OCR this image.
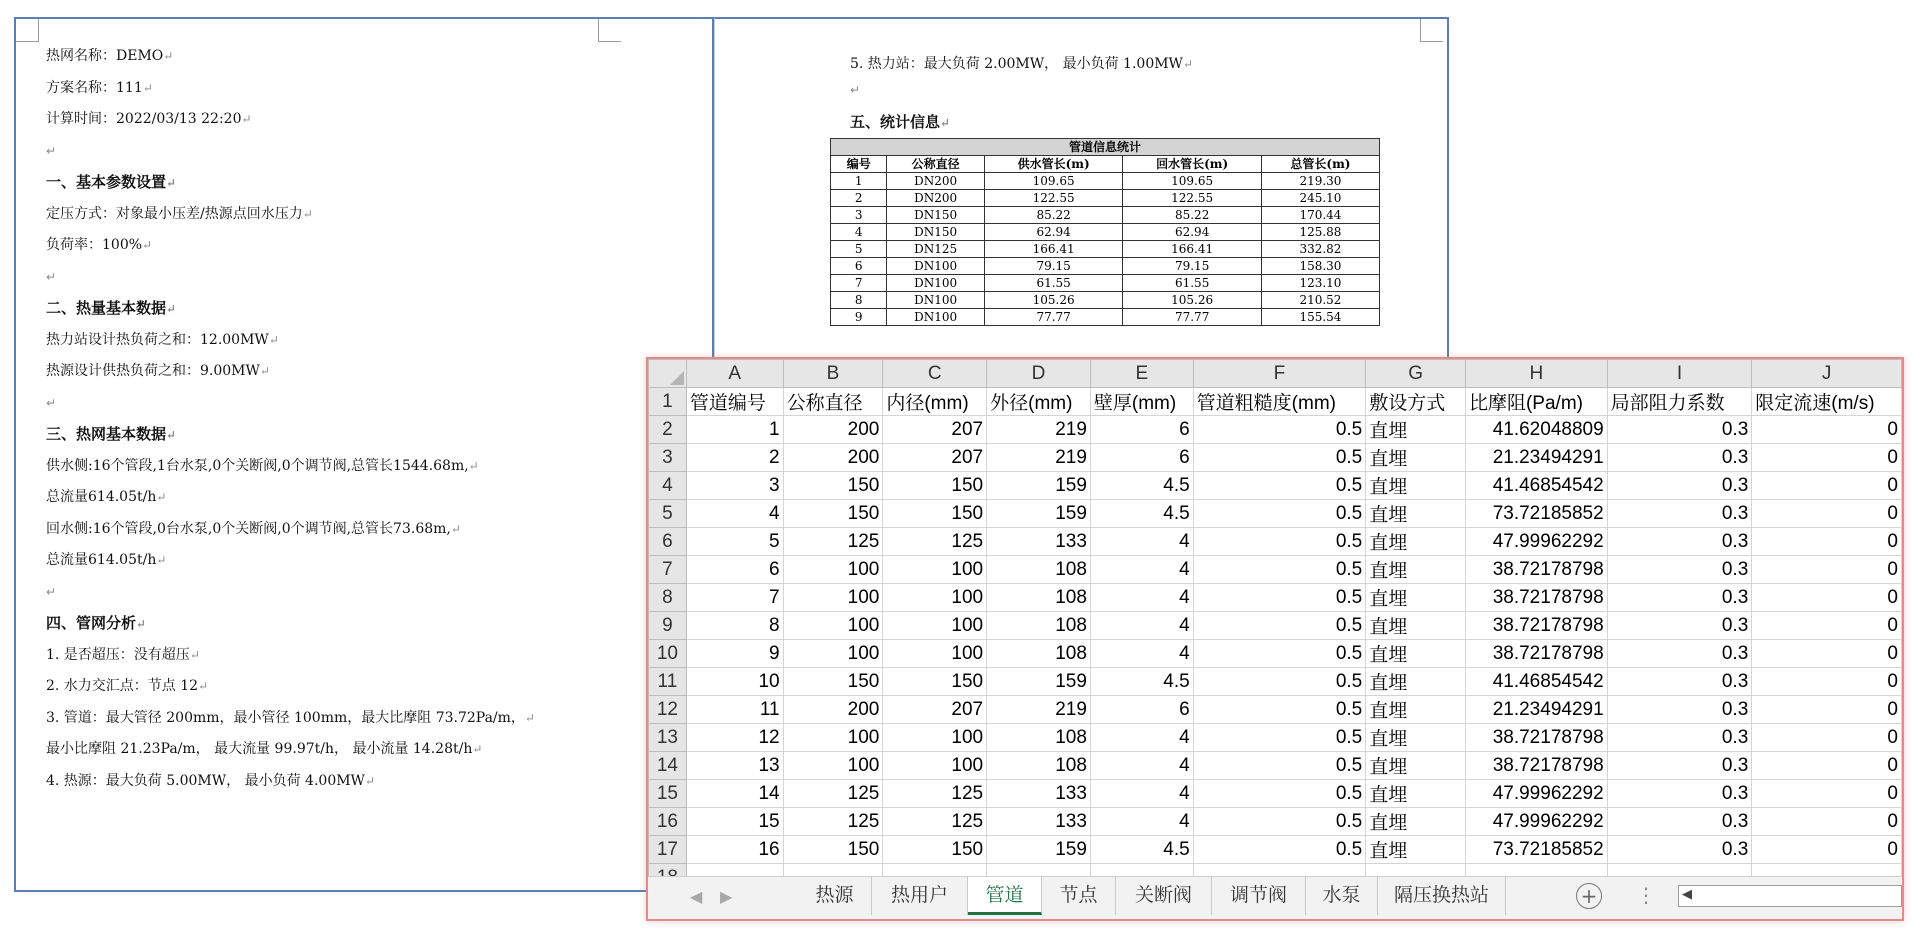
热网名称：DEMO↵
方案名称：111↵
计算时间：2022/03/13 22:20↵
↵
一、基本参数设置↵
定压方式：对象最小压差/热源点回水压力↵
负荷率：100%↵
↵
二、热量基本数据↵
热力站设计热负荷之和：12.00MW↵
热源设计供热负荷之和：9.00MW↵
↵
三、热网基本数据↵
供水侧:16个管段,1台水泵,0个关断阀,0个调节阀,总管长1544.68m,↵
总流量614.05t/h↵
回水侧:16个管段,0台水泵,0个关断阀,0个调节阀,总管长73.68m,↵
总流量614.05t/h↵
↵
四、管网分析↵
1. 是否超压：没有超压↵
2. 水力交汇点：节点 12↵
3. 管道：最大管径 200mm，最小管径 100mm，最大比摩阻 73.72Pa/m，↵
最小比摩阻 21.23Pa/m， 最大流量 99.97t/h， 最小流量 14.28t/h↵
4. 热源：最大负荷 5.00MW， 最小负荷 4.00MW↵
5. 热力站：最大负荷 2.00MW， 最小负荷 1.00MW↵
↵
五、统计信息↵
管道信息统计				
编号	公称直径	供水管长(m)	回水管长(m)	总管长(m)
1	DN200	109.65	109.65	219.30
2	DN200	122.55	122.55	245.10
3	DN150	85.22	85.22	170.44
4	DN150	62.94	62.94	125.88
5	DN125	166.41	166.41	332.82
6	DN100	79.15	79.15	158.30
7	DN100	61.55	61.55	123.10
8	DN100	105.26	105.26	210.52
9	DN100	77.77	77.77	155.54
	A	B	C	D	E	F	G	H	I	J
1	管道编号	公称直径	内径(mm)	外径(mm)	壁厚(mm)	管道粗糙度(mm)	敷设方式	比摩阻(Pa/m)	局部阻力系数	限定流速(m/s)
2	1	200	207	219	6	0.5	直埋	41.62048809	0.3	0
3	2	200	207	219	6	0.5	直埋	21.23494291	0.3	0
4	3	150	150	159	4.5	0.5	直埋	41.46854542	0.3	0
5	4	150	150	159	4.5	0.5	直埋	73.72185852	0.3	0
6	5	125	125	133	4	0.5	直埋	47.99962292	0.3	0
7	6	100	100	108	4	0.5	直埋	38.72178798	0.3	0
8	7	100	100	108	4	0.5	直埋	38.72178798	0.3	0
9	8	100	100	108	4	0.5	直埋	38.72178798	0.3	0
10	9	100	100	108	4	0.5	直埋	38.72178798	0.3	0
11	10	150	150	159	4.5	0.5	直埋	41.46854542	0.3	0
12	11	200	207	219	6	0.5	直埋	21.23494291	0.3	0
13	12	100	100	108	4	0.5	直埋	38.72178798	0.3	0
14	13	100	100	108	4	0.5	直埋	38.72178798	0.3	0
15	14	125	125	133	4	0.5	直埋	47.99962292	0.3	0
16	15	125	125	133	4	0.5	直埋	47.99962292	0.3	0
17	16	150	150	159	4.5	0.5	直埋	73.72185852	0.3	0

◀ ▶	热源	热用户	管道	节点	关断阀	调节阀	水泵	隔压换热站	+ ⋮ ◀
